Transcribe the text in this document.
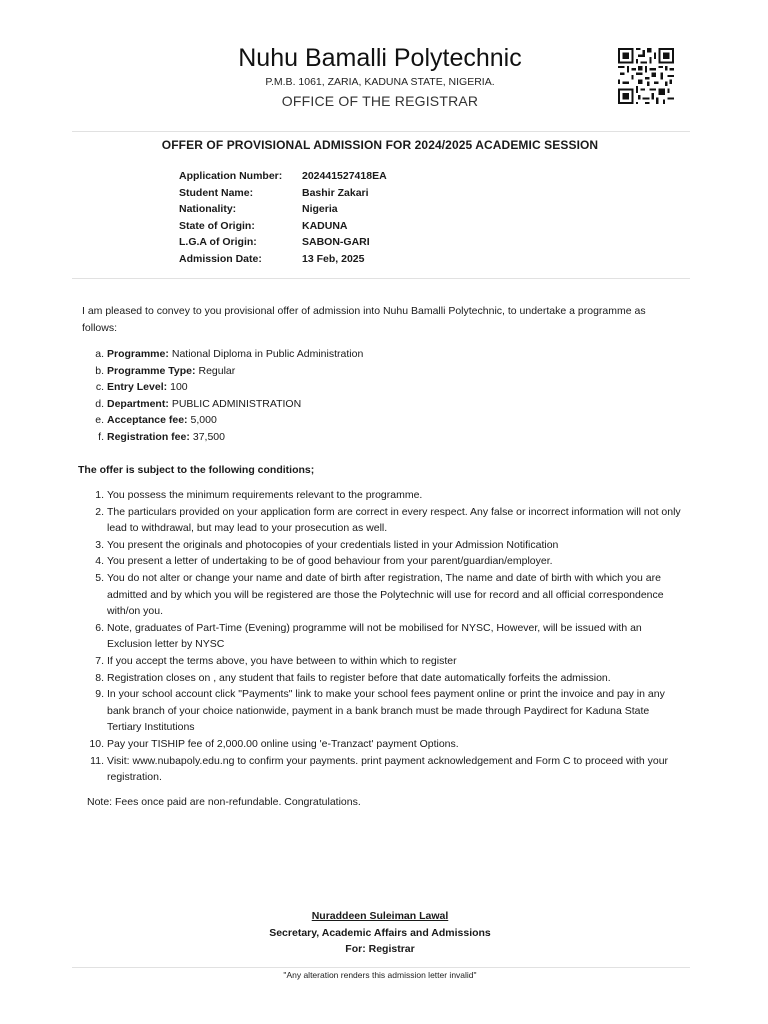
Nuhu Bamalli Polytechnic
P.M.B. 1061, ZARIA, KADUNA STATE, NIGERIA.
OFFICE OF THE REGISTRAR
OFFER OF PROVISIONAL ADMISSION FOR 2024/2025 ACADEMIC SESSION
Application Number:	202441527418EA
Student Name:	Bashir Zakari
Nationality:	Nigeria
State of Origin:	KADUNA
L.G.A of Origin:	SABON-GARI
Admission Date:	13 Feb, 2025
I am pleased to convey to you provisional offer of admission into Nuhu Bamalli Polytechnic, to undertake a programme as follows:
a. Programme: National Diploma in Public Administration
b. Programme Type: Regular
c. Entry Level: 100
d. Department: PUBLIC ADMINISTRATION
e. Acceptance fee: 5,000
f. Registration fee: 37,500
The offer is subject to the following conditions;
1. You possess the minimum requirements relevant to the programme.
2. The particulars provided on your application form are correct in every respect. Any false or incorrect information will not only lead to withdrawal, but may lead to your prosecution as well.
3. You present the originals and photocopies of your credentials listed in your Admission Notification
4. You present a letter of undertaking to be of good behaviour from your parent/guardian/employer.
5. You do not alter or change your name and date of birth after registration, The name and date of birth with which you are admitted and by which you will be registered are those the Polytechnic will use for record and all official correspondence with/on you.
6. Note, graduates of Part-Time (Evening) programme will not be mobilised for NYSC, However, will be issued with an Exclusion letter by NYSC
7. If you accept the terms above, you have between to within which to register
8. Registration closes on , any student that fails to register before that date automatically forfeits the admission.
9. In your school account click "Payments" link to make your school fees payment online or print the invoice and pay in any bank branch of your choice nationwide, payment in a bank branch must be made through Paydirect for Kaduna State Tertiary Institutions
10. Pay your TISHIP fee of 2,000.00 online using 'e-Tranzact' payment Options.
11. Visit: www.nubapoly.edu.ng to confirm your payments. print payment acknowledgement and Form C to proceed with your registration.
Note: Fees once paid are non-refundable. Congratulations.
Nuraddeen Suleiman Lawal
Secretary, Academic Affairs and Admissions
For: Registrar
"Any alteration renders this admission letter invalid"
